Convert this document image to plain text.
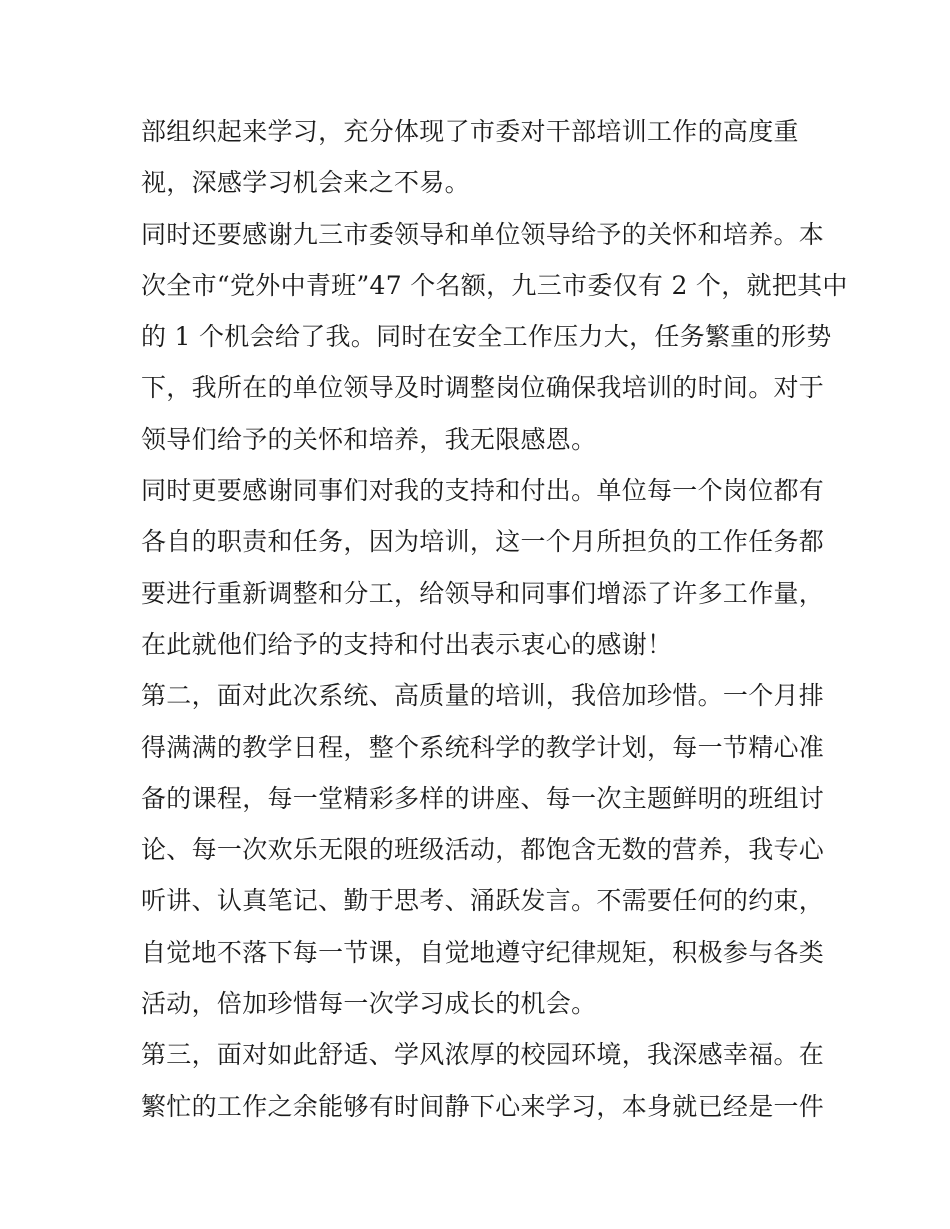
部组织起来学习，充分体现了市委对干部培训工作的高度重
视，深感学习机会来之不易。
同时还要感谢九三市委领导和单位领导给予的关怀和培养。本
次全市“党外中青班”47 个名额，九三市委仅有 2 个，就把其中
的 1 个机会给了我。同时在安全工作压力大，任务繁重的形势
下，我所在的单位领导及时调整岗位确保我培训的时间。对于
领导们给予的关怀和培养，我无限感恩。
同时更要感谢同事们对我的支持和付出。单位每一个岗位都有
各自的职责和任务，因为培训，这一个月所担负的工作任务都
要进行重新调整和分工，给领导和同事们增添了许多工作量，
在此就他们给予的支持和付出表示衷心的感谢！
第二，面对此次系统、高质量的培训，我倍加珍惜。一个月排
得满满的教学日程，整个系统科学的教学计划，每一节精心准
备的课程，每一堂精彩多样的讲座、每一次主题鲜明的班组讨
论、每一次欢乐无限的班级活动，都饱含无数的营养，我专心
听讲、认真笔记、勤于思考、涌跃发言。不需要任何的约束，
自觉地不落下每一节课，自觉地遵守纪律规矩，积极参与各类
活动，倍加珍惜每一次学习成长的机会。
第三，面对如此舒适、学风浓厚的校园环境，我深感幸福。在
繁忙的工作之余能够有时间静下心来学习，本身就已经是一件
